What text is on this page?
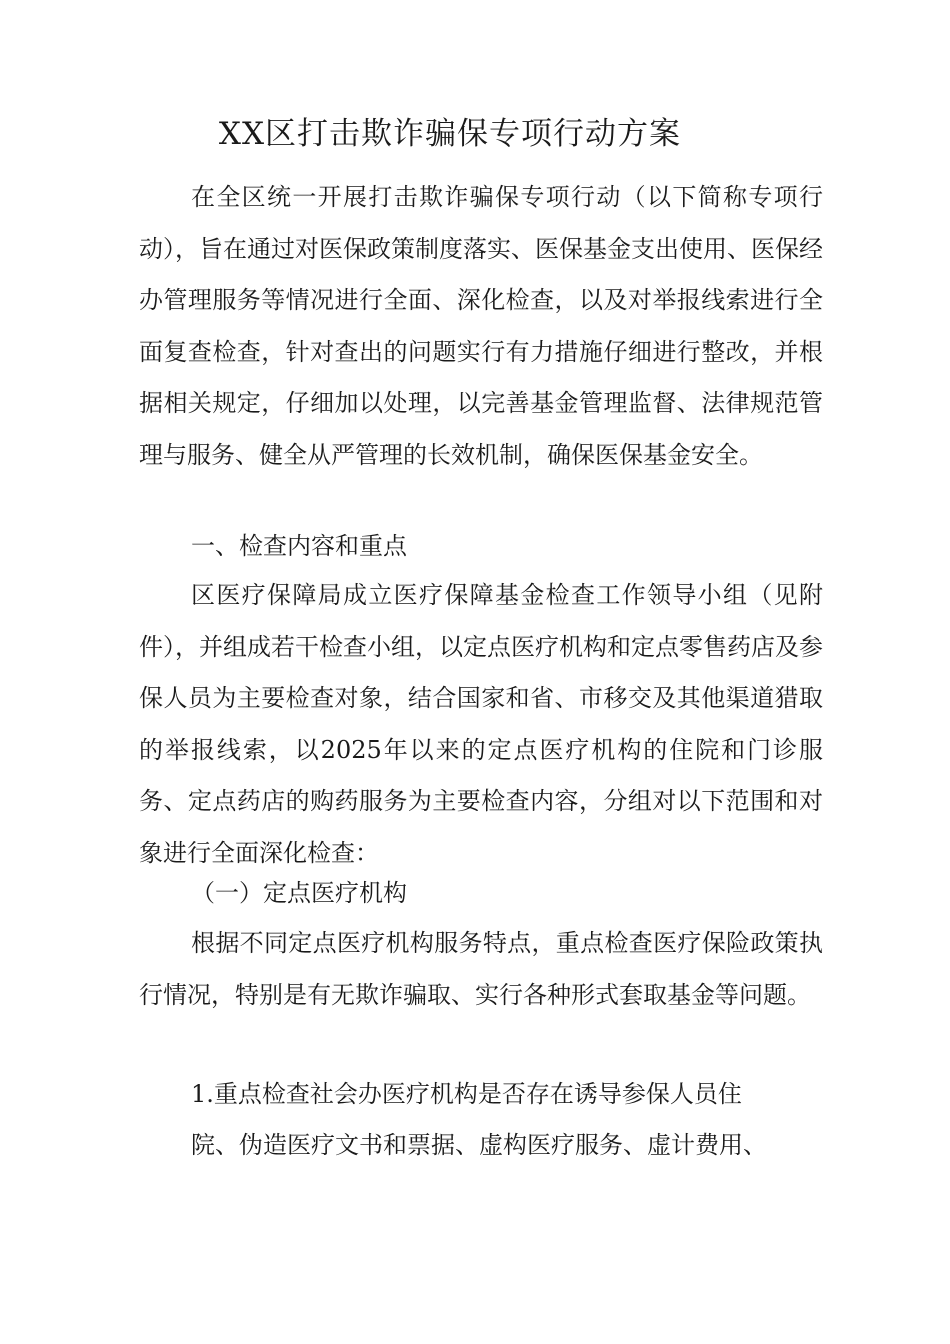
XX区打击欺诈骗保专项行动方案

在全区统一开展打击欺诈骗保专项行动（以下简称专项行动），旨在通过对医保政策制度落实、医保基金支出使用、医保经办管理服务等情况进行全面、深化检查，以及对举报线索进行全面复查检查，针对查出的问题实行有力措施仔细进行整改，并根据相关规定，仔细加以处理，以完善基金管理监督、法律规范管理与服务、健全从严管理的长效机制，确保医保基金安全。

一、检查内容和重点

区医疗保障局成立医疗保障基金检查工作领导小组（见附件），并组成若干检查小组，以定点医疗机构和定点零售药店及参保人员为主要检查对象，结合国家和省、市移交及其他渠道猎取的举报线索，以2025年以来的定点医疗机构的住院和门诊服务、定点药店的购药服务为主要检查内容，分组对以下范围和对象进行全面深化检查：

（一）定点医疗机构

根据不同定点医疗机构服务特点，重点检查医疗保险政策执行情况，特别是有无欺诈骗取、实行各种形式套取基金等问题。

1.重点检查社会办医疗机构是否存在诱导参保人员住

院、伪造医疗文书和票据、虚构医疗服务、虚计费用、
